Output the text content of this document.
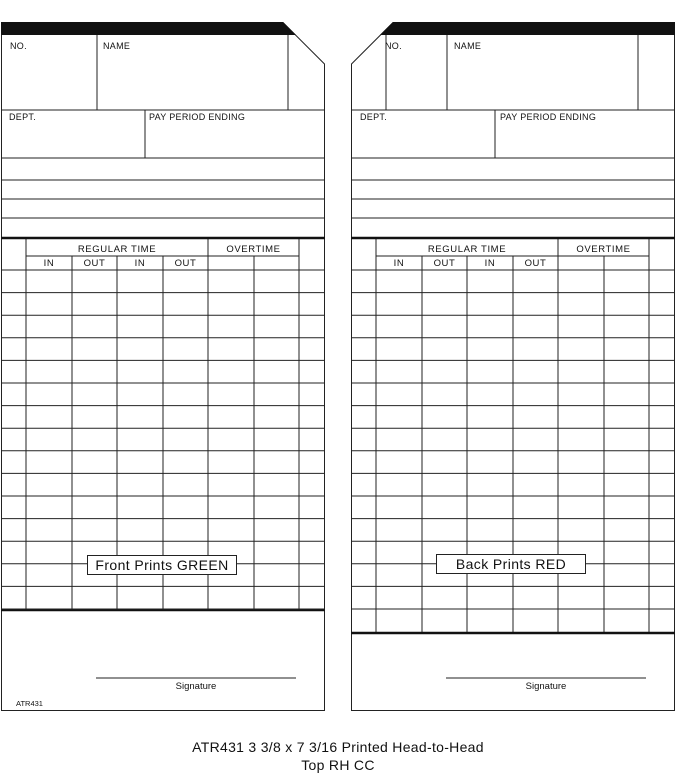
NO.	NAME
DEPT.	PAY PERIOD ENDING
REGULAR TIME	OVERTIME
IN	OUT	IN	OUT
Front Prints GREEN
Signature
ATR431
NO.	NAME
DEPT.	PAY PERIOD ENDING
REGULAR TIME	OVERTIME
IN	OUT	IN	OUT
Back Prints RED
Signature
ATR431 3 3/8 x 7 3/16 Printed Head-to-Head
Top RH CC
